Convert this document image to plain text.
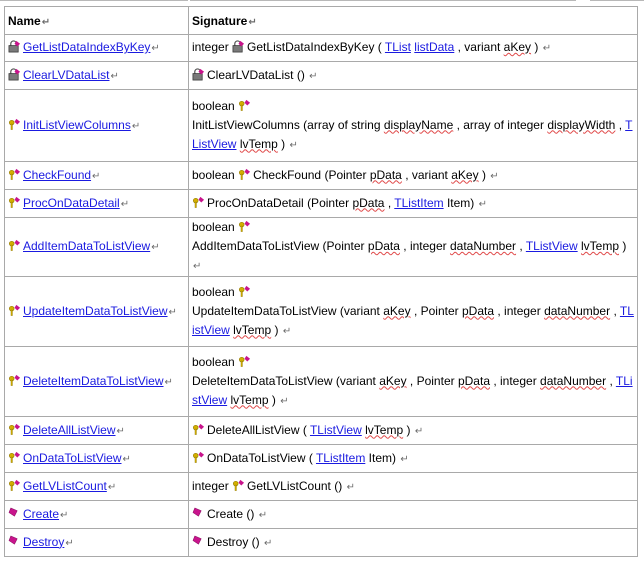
Name↵	Signature↵
GetListDataIndexByKey↵	integer GetListDataIndexByKey ( TList listData , variant aKey ) ↵
ClearLVDataList↵	ClearLVDataList () ↵
InitListViewColumns↵	boolean
InitListViewColumns (array of string displayName , array of integer displayWidth , TListView lvTemp ) ↵
CheckFound↵	boolean CheckFound (Pointer pData , variant aKey ) ↵
ProcOnDataDetail↵	ProcOnDataDetail (Pointer pData , TListItem Item) ↵
AddItemDataToListView↵	boolean
AddItemDataToListView (Pointer pData , integer dataNumber , TListView lvTemp ) ↵
UpdateItemDataToListView↵	boolean
UpdateItemDataToListView (variant aKey , Pointer pData , integer dataNumber , TListView lvTemp ) ↵
DeleteItemDataToListView↵	boolean
DeleteItemDataToListView (variant aKey , Pointer pData , integer dataNumber , TListView lvTemp ) ↵
DeleteAllListView↵	DeleteAllListView ( TListView lvTemp ) ↵
OnDataToListView↵	OnDataToListView ( TListItem Item) ↵
GetLVListCount↵	integer GetLVListCount () ↵
Create↵	Create () ↵
Destroy↵	Destroy () ↵
